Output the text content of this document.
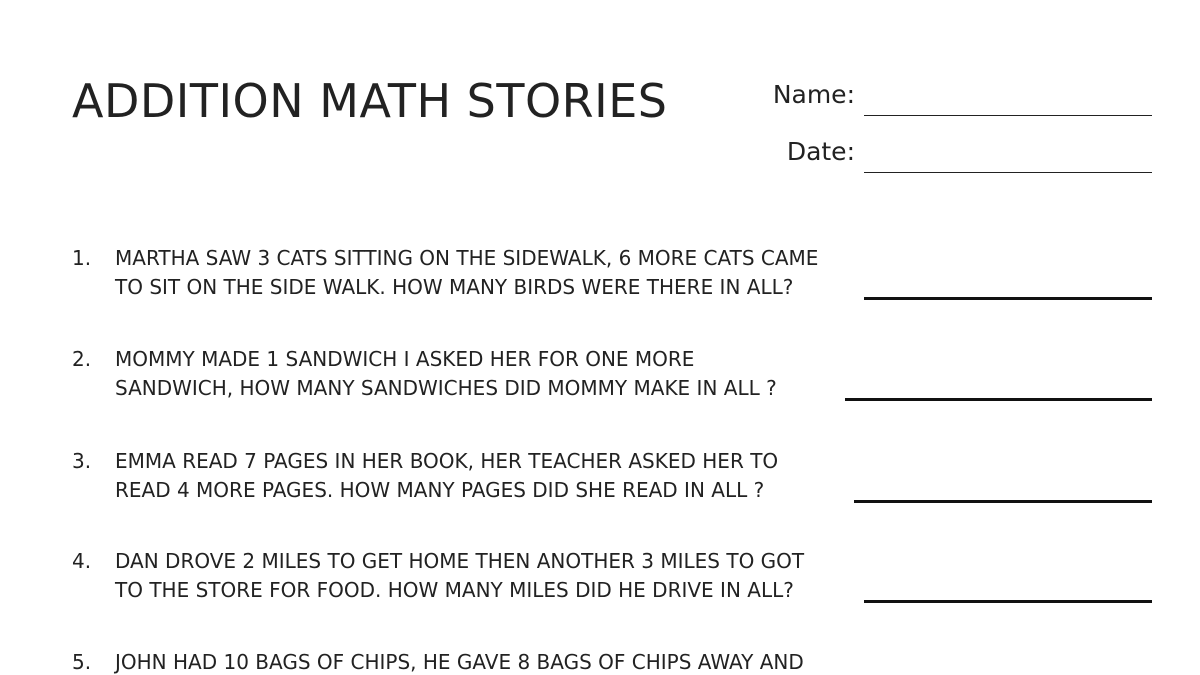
ADDITION MATH STORIES	Name:
Date:
1. MARTHA SAW 3 CATS SITTING ON THE SIDEWALK, 6 MORE CATS CAME
TO SIT ON THE SIDE WALK. HOW MANY BIRDS WERE THERE IN ALL?
2. MOMMY MADE 1 SANDWICH I ASKED HER FOR ONE MORE
SANDWICH, HOW MANY SANDWICHES DID MOMMY MAKE IN ALL ?
3. EMMA READ 7 PAGES IN HER BOOK, HER TEACHER ASKED HER TO
READ 4 MORE PAGES. HOW MANY PAGES DID SHE READ IN ALL ?
4. DAN DROVE 2 MILES TO GET HOME THEN ANOTHER 3 MILES TO GOT
TO THE STORE FOR FOOD. HOW MANY MILES DID HE DRIVE IN ALL?
5. JOHN HAD 10 BAGS OF CHIPS, HE GAVE 8 BAGS OF CHIPS AWAY AND
